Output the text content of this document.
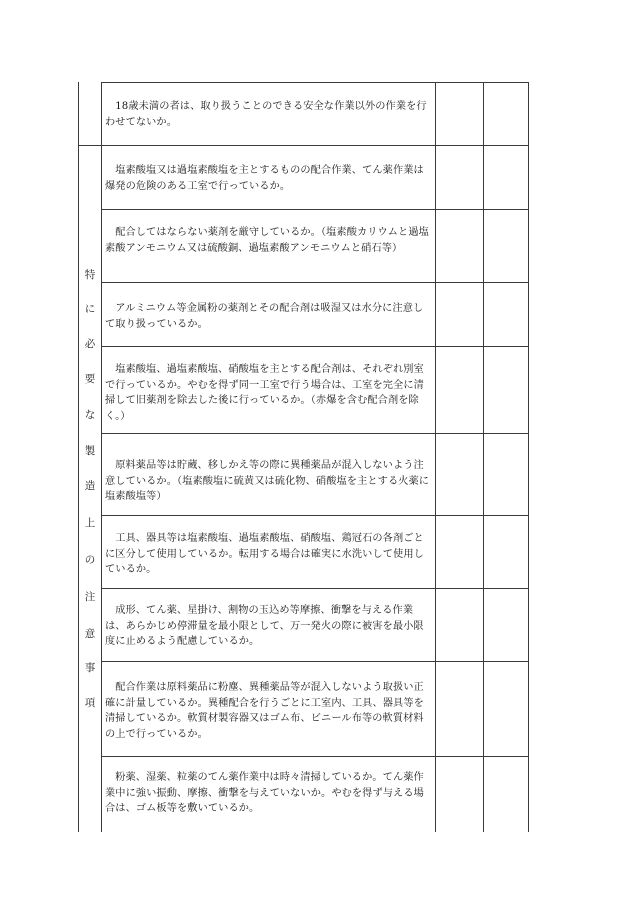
18歳未満の者は、取り扱うことのできる安全な作業以外の作業を行わせてないか。

特
に
必
要
な
製
造
上
の
注
意
事
項

塩素酸塩又は過塩素酸塩を主とするものの配合作業、てん薬作業は爆発の危険のある工室で行っているか。

配合してはならない薬剤を厳守しているか。（塩素酸カリウムと過塩素酸アンモニウム又は硫酸銅、過塩素酸アンモニウムと硝石等）

アルミニウム等金属粉の薬剤とその配合剤は吸湿又は水分に注意して取り扱っているか。

塩素酸塩、過塩素酸塩、硝酸塩を主とする配合剤は、それぞれ別室で行っているか。やむを得ず同一工室で行う場合は、工室を完全に清掃して旧薬剤を除去した後に行っているか。（赤爆を含む配合剤を除く。）

原料薬品等は貯蔵、移しかえ等の際に異種薬品が混入しないよう注意しているか。（塩素酸塩に硫黄又は硫化物、硝酸塩を主とする火薬に塩素酸塩等）

工具、器具等は塩素酸塩、過塩素酸塩、硝酸塩、鶏冠石の各剤ごとに区分して使用しているか。転用する場合は確実に水洗いして使用しているか。

成形、てん薬、星掛け、割物の玉込め等摩擦、衝撃を与える作業は、あらかじめ停滞量を最小限として、万一発火の際に被害を最小限度に止めるよう配慮しているか。

配合作業は原料薬品に粉塵、異種薬品等が混入しないよう取扱い正確に計量しているか。異種配合を行うごとに工室内、工具、器具等を清掃しているか。軟質材製容器又はゴム布、ビニール布等の軟質材料の上で行っているか。

粉薬、湿薬、粒薬のてん薬作業中は時々清掃しているか。てん薬作業中に強い振動、摩擦、衝撃を与えていないか。やむを得ず与える場合は、ゴム板等を敷いているか。
